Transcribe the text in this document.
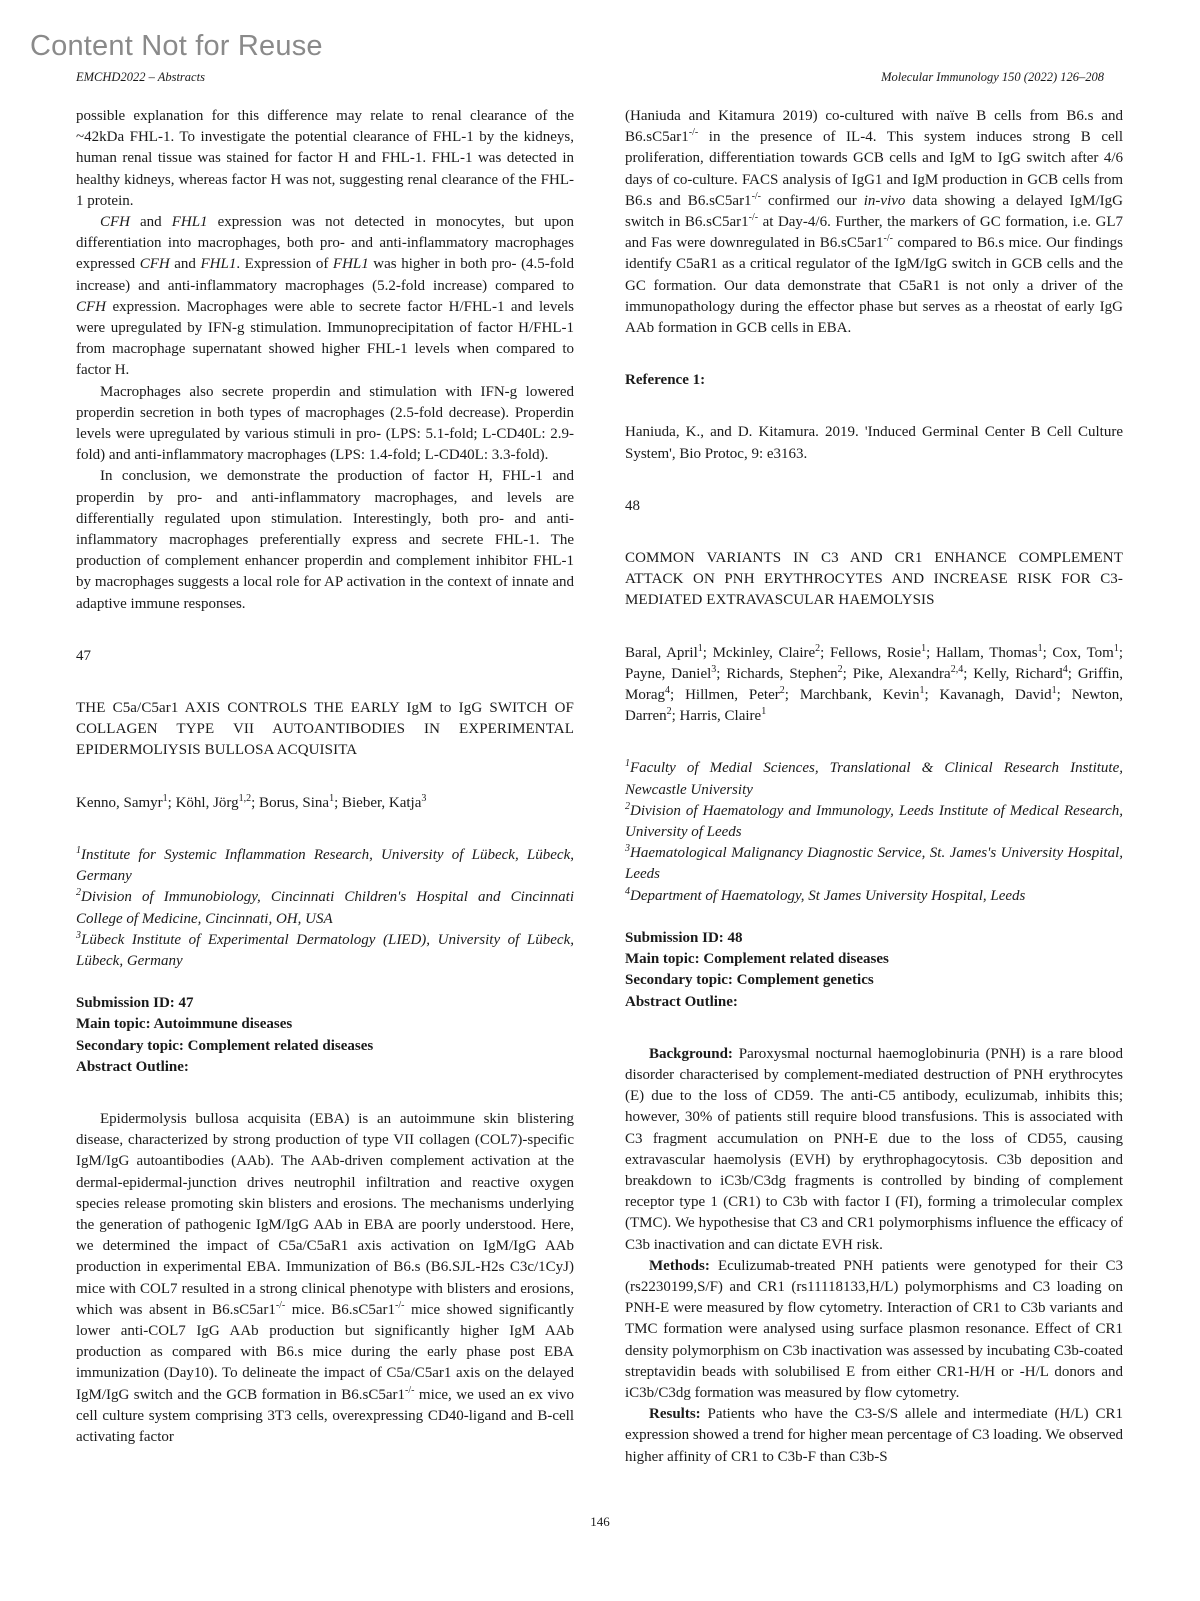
Content Not for Reuse
EMCHD2022 – Abstracts	Molecular Immunology 150 (2022) 126–208

possible explanation for this difference may relate to renal clearance of the ~42kDa FHL-1. To investigate the potential clearance of FHL-1 by the kidneys, human renal tissue was stained for factor H and FHL-1. FHL-1 was detected in healthy kidneys, whereas factor H was not, suggesting renal clearance of the FHL-1 protein.

CFH and FHL1 expression was not detected in monocytes, but upon differentiation into macrophages, both pro- and anti-inflammatory macrophages expressed CFH and FHL1. Expression of FHL1 was higher in both pro- (4.5-fold increase) and anti-inflammatory macrophages (5.2-fold increase) compared to CFH expression. Macrophages were able to secrete factor H/FHL-1 and levels were upregulated by IFN-g stimulation. Immunoprecipitation of factor H/FHL-1 from macrophage supernatant showed higher FHL-1 levels when compared to factor H.

Macrophages also secrete properdin and stimulation with IFN-g lowered properdin secretion in both types of macrophages (2.5-fold decrease). Properdin levels were upregulated by various stimuli in pro- (LPS: 5.1-fold; L-CD40L: 2.9-fold) and anti-inflammatory macrophages (LPS: 1.4-fold; L-CD40L: 3.3-fold).

In conclusion, we demonstrate the production of factor H, FHL-1 and properdin by pro- and anti-inflammatory macrophages, and levels are differentially regulated upon stimulation. Interestingly, both pro- and anti-inflammatory macrophages preferentially express and secrete FHL-1. The production of complement enhancer properdin and complement inhibitor FHL-1 by macrophages suggests a local role for AP activation in the context of innate and adaptive immune responses.

47

THE C5a/C5ar1 AXIS CONTROLS THE EARLY IgM to IgG SWITCH OF COLLAGEN TYPE VII AUTOANTIBODIES IN EXPERIMENTAL EPIDERMOLIYSIS BULLOSA ACQUISITA

Kenno, Samyr$^1$; Köhl, Jörg$^{1,2}$; Borus, Sina$^1$; Bieber, Katja$^3$

$^1$Institute for Systemic Inflammation Research, University of Lübeck, Lübeck, Germany

$^2$Division of Immunobiology, Cincinnati Children's Hospital and Cincinnati College of Medicine, Cincinnati, OH, USA

$^3$Lübeck Institute of Experimental Dermatology (LIED), University of Lübeck, Lübeck, Germany

Submission ID: 47

Main topic: Autoimmune diseases

Secondary topic: Complement related diseases

Abstract Outline:

Epidermolysis bullosa acquisita (EBA) is an autoimmune skin blistering disease, characterized by strong production of type VII collagen (COL7)-specific IgM/IgG autoantibodies (AAb). The AAb-driven complement activation at the dermal-epidermal-junction drives neutrophil infiltration and reactive oxygen species release promoting skin blisters and erosions. The mechanisms underlying the generation of pathogenic IgM/IgG AAb in EBA are poorly understood. Here, we determined the impact of C5a/C5aR1 axis activation on IgM/IgG AAb production in experimental EBA. Immunization of B6.s (B6.SJL-H2s C3c/1CyJ) mice with COL7 resulted in a strong clinical phenotype with blisters and erosions, which was absent in B6.sC5ar1-/- mice. B6.sC5ar1-/- mice showed significantly lower anti-COL7 IgG AAb production but significantly higher IgM AAb production as compared with B6.s mice during the early phase post EBA immunization (Day10). To delineate the impact of C5a/C5ar1 axis on the delayed IgM/IgG switch and the GCB formation in B6.sC5ar1-/- mice, we used an ex vivo cell culture system comprising 3T3 cells, overexpressing CD40-ligand and B-cell activating factor

(Haniuda and Kitamura 2019) co-cultured with naïve B cells from B6.s and B6.sC5ar1-/- in the presence of IL-4. This system induces strong B cell proliferation, differentiation towards GCB cells and IgM to IgG switch after 4/6 days of co-culture. FACS analysis of IgG1 and IgM production in GCB cells from B6.s and B6.sC5ar1-/- confirmed our in-vivo data showing a delayed IgM/IgG switch in B6.sC5ar1-/- at Day-4/6. Further, the markers of GC formation, i.e. GL7 and Fas were downregulated in B6.sC5ar1-/- compared to B6.s mice. Our findings identify C5aR1 as a critical regulator of the IgM/IgG switch in GCB cells and the GC formation. Our data demonstrate that C5aR1 is not only a driver of the immunopathology during the effector phase but serves as a rheostat of early IgG AAb formation in GCB cells in EBA.

Reference 1:

Haniuda, K., and D. Kitamura. 2019. 'Induced Germinal Center B Cell Culture System', Bio Protoc, 9: e3163.

48

COMMON VARIANTS IN C3 AND CR1 ENHANCE COMPLEMENT ATTACK ON PNH ERYTHROCYTES AND INCREASE RISK FOR C3-MEDIATED EXTRAVASCULAR HAEMOLYSIS

Baral, April$^1$; Mckinley, Claire$^2$; Fellows, Rosie$^1$; Hallam, Thomas$^1$; Cox, Tom$^1$; Payne, Daniel$^3$; Richards, Stephen$^2$; Pike, Alexandra$^{2,4}$; Kelly, Richard$^4$; Griffin, Morag$^4$; Hillmen, Peter$^2$; Marchbank, Kevin$^1$; Kavanagh, David$^1$; Newton, Darren$^2$; Harris, Claire$^1$

$^1$Faculty of Medial Sciences, Translational & Clinical Research Institute, Newcastle University

$^2$Division of Haematology and Immunology, Leeds Institute of Medical Research, University of Leeds

$^3$Haematological Malignancy Diagnostic Service, St. James's University Hospital, Leeds

$^4$Department of Haematology, St James University Hospital, Leeds

Submission ID: 48

Main topic: Complement related diseases

Secondary topic: Complement genetics

Abstract Outline:

Background: Paroxysmal nocturnal haemoglobinuria (PNH) is a rare blood disorder characterised by complement-mediated destruction of PNH erythrocytes (E) due to the loss of CD59. The anti-C5 antibody, eculizumab, inhibits this; however, 30% of patients still require blood transfusions. This is associated with C3 fragment accumulation on PNH-E due to the loss of CD55, causing extravascular haemolysis (EVH) by erythrophagocytosis. C3b deposition and breakdown to iC3b/C3dg fragments is controlled by binding of complement receptor type 1 (CR1) to C3b with factor I (FI), forming a trimolecular complex (TMC). We hypothesise that C3 and CR1 polymorphisms influence the efficacy of C3b inactivation and can dictate EVH risk.

Methods: Eculizumab-treated PNH patients were genotyped for their C3 (rs2230199,S/F) and CR1 (rs11118133,H/L) polymorphisms and C3 loading on PNH-E were measured by flow cytometry. Interaction of CR1 to C3b variants and TMC formation were analysed using surface plasmon resonance. Effect of CR1 density polymorphism on C3b inactivation was assessed by incubating C3b-coated streptavidin beads with solubilised E from either CR1-H/H or -H/L donors and iC3b/C3dg formation was measured by flow cytometry.

Results: Patients who have the C3-S/S allele and intermediate (H/L) CR1 expression showed a trend for higher mean percentage of C3 loading. We observed higher affinity of CR1 to C3b-F than C3b-S

146
